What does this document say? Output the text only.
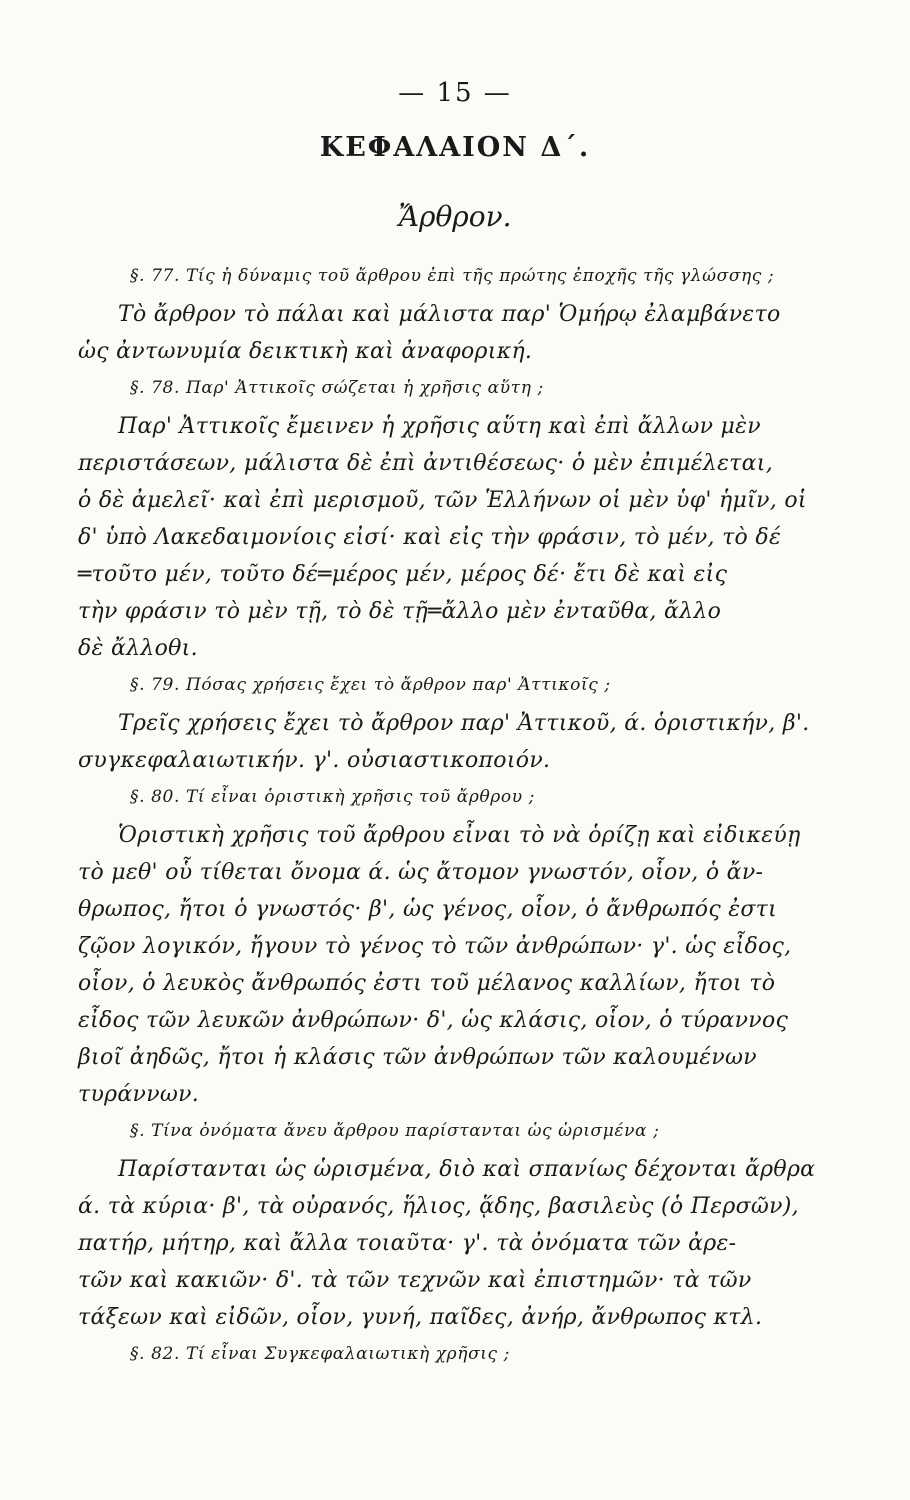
— 15 —
ΚΕΦΑΛΑΙΟΝ Δ΄.
Ἄρθρον.

§. 77. Τίς ἡ δύναμις τοῦ ἄρθρου ἐπὶ τῆς πρώτης ἐποχῆς τῆς γλώσσης ;

Τὸ ἄρθρον τὸ πάλαι καὶ μάλιστα παρ' Ὁμήρῳ ἐλαμβάνετο
ὡς ἀντωνυμία δεικτικὴ καὶ ἀναφορική.

§. 78. Παρ' Ἀττικοῖς σώζεται ἡ χρῆσις αὕτη ;

Παρ' Ἀττικοῖς ἔμεινεν ἡ χρῆσις αὕτη καὶ ἐπὶ ἄλλων μὲν
περιστάσεων, μάλιστα δὲ ἐπὶ ἀντιθέσεως· ὁ μὲν ἐπιμέλεται,
ὁ δὲ ἀμελεῖ· καὶ ἐπὶ μερισμοῦ, τῶν Ἑλλήνων οἱ μὲν ὑφ' ἡμῖν, οἱ
δ' ὑπὸ Λακεδαιμονίοις εἰσί· καὶ εἰς τὴν φράσιν, τὸ μέν, τὸ δέ
═τοῦτο μέν, τοῦτο δέ═μέρος μέν, μέρος δέ· ἔτι δὲ καὶ εἰς
τὴν φράσιν τὸ μὲν τῇ, τὸ δὲ τῇ═ἄλλο μὲν ἐνταῦθα, ἄλλο
δὲ ἄλλοθι.

§. 79. Πόσας χρήσεις ἔχει τὸ ἄρθρον παρ' Ἀττικοῖς ;

Τρεῖς χρήσεις ἔχει τὸ ἄρθρον παρ' Ἀττικοῦ, ά. ὁριστικήν, β'.
συγκεφαλαιωτικήν. γ'. οὐσιαστικοποιόν.

§. 80. Τί εἶναι ὁριστικὴ χρῆσις τοῦ ἄρθρου ;

Ὁριστικὴ χρῆσις τοῦ ἄρθρου εἶναι τὸ νὰ ὁρίζῃ καὶ εἰδικεύῃ
τὸ μεθ' οὗ τίθεται ὄνομα ά. ὡς ἄτομον γνωστόν, οἷον, ὁ ἄν-
θρωπος, ἤτοι ὁ γνωστός· β', ὡς γένος, οἷον, ὁ ἄνθρωπός ἐστι
ζῷον λογικόν, ἤγουν τὸ γένος τὸ τῶν ἀνθρώπων· γ'. ὡς εἶδος,
οἷον, ὁ λευκὸς ἄνθρωπός ἐστι τοῦ μέλανος καλλίων, ἤτοι τὸ
εἶδος τῶν λευκῶν ἀνθρώπων· δ', ὡς κλάσις, οἷον, ὁ τύραννος
βιοῖ ἀηδῶς, ἤτοι ἡ κλάσις τῶν ἀνθρώπων τῶν καλουμένων
τυράννων.

§. Τίνα ὀνόματα ἄνευ ἄρθρου παρίστανται ὡς ὡρισμένα ;

Παρίστανται ὡς ὡρισμένα, διὸ καὶ σπανίως δέχονται ἄρθρα
ά. τὰ κύρια· β', τὰ οὐρανός, ἥλιος, ᾅδης, βασιλεὺς (ὁ Περσῶν),
πατήρ, μήτηρ, καὶ ἄλλα τοιαῦτα· γ'. τὰ ὀνόματα τῶν ἀρε-
τῶν καὶ κακιῶν· δ'. τὰ τῶν τεχνῶν καὶ ἐπιστημῶν· τὰ τῶν
τάξεων καὶ εἰδῶν, οἷον, γυνή, παῖδες, ἀνήρ, ἄνθρωπος κτλ.

§. 82. Τί εἶναι Συγκεφαλαιωτικὴ χρῆσις ;
